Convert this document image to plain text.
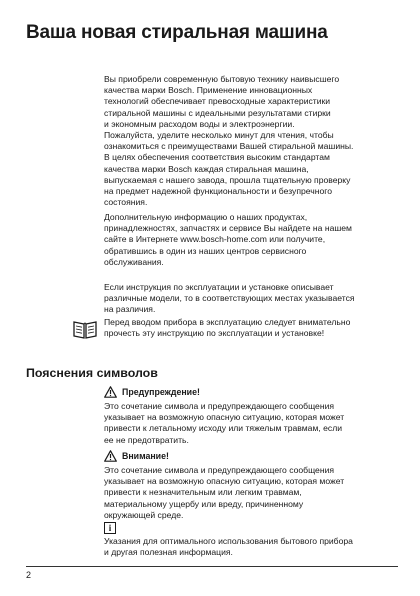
Ваша новая стиральная машина
Вы приобрели современную бытовую технику наивысшего
качества марки Bosch. Применение инновационных
технологий обеспечивает превосходные характеристики
стиральной машины с идеальными результатами стирки
и экономным расходом воды и электроэнергии.
Пожалуйста, уделите несколько минут для чтения, чтобы
ознакомиться с преимуществами Вашей стиральной машины.
В целях обеспечения соответствия высоким стандартам
качества марки Bosch каждая стиральная машина,
выпускаемая с нашего завода, прошла тщательную проверку
на предмет надежной функциональности и безупречного
состояния.
Дополнительную информацию о наших продуктах,
принадлежностях, запчастях и сервисе Вы найдете на нашем
сайте в Интернете www.bosch-home.com или получите,
обратившись в один из наших центров сервисного
обслуживания.
Если инструкция по эксплуатации и установке описывает
различные модели, то в соответствующих местах указывается
на различия.
Перед вводом прибора в эксплуатацию следует внимательно
прочесть эту инструкцию по эксплуатации и установке!
Пояснения символов
Предупреждение!
Это сочетание символа и предупреждающего сообщения
указывает на возможную опасную ситуацию, которая может
привести к летальному исходу или тяжелым травмам, если
ее не предотвратить.
Внимание!
Это сочетание символа и предупреждающего сообщения
указывает на возможную опасную ситуацию, которая может
привести к незначительным или легким травмам,
материальному ущербу или вреду, причиненному
окружающей среде.
i
Указания для оптимального использования бытового прибора
и другая полезная информация.
2
